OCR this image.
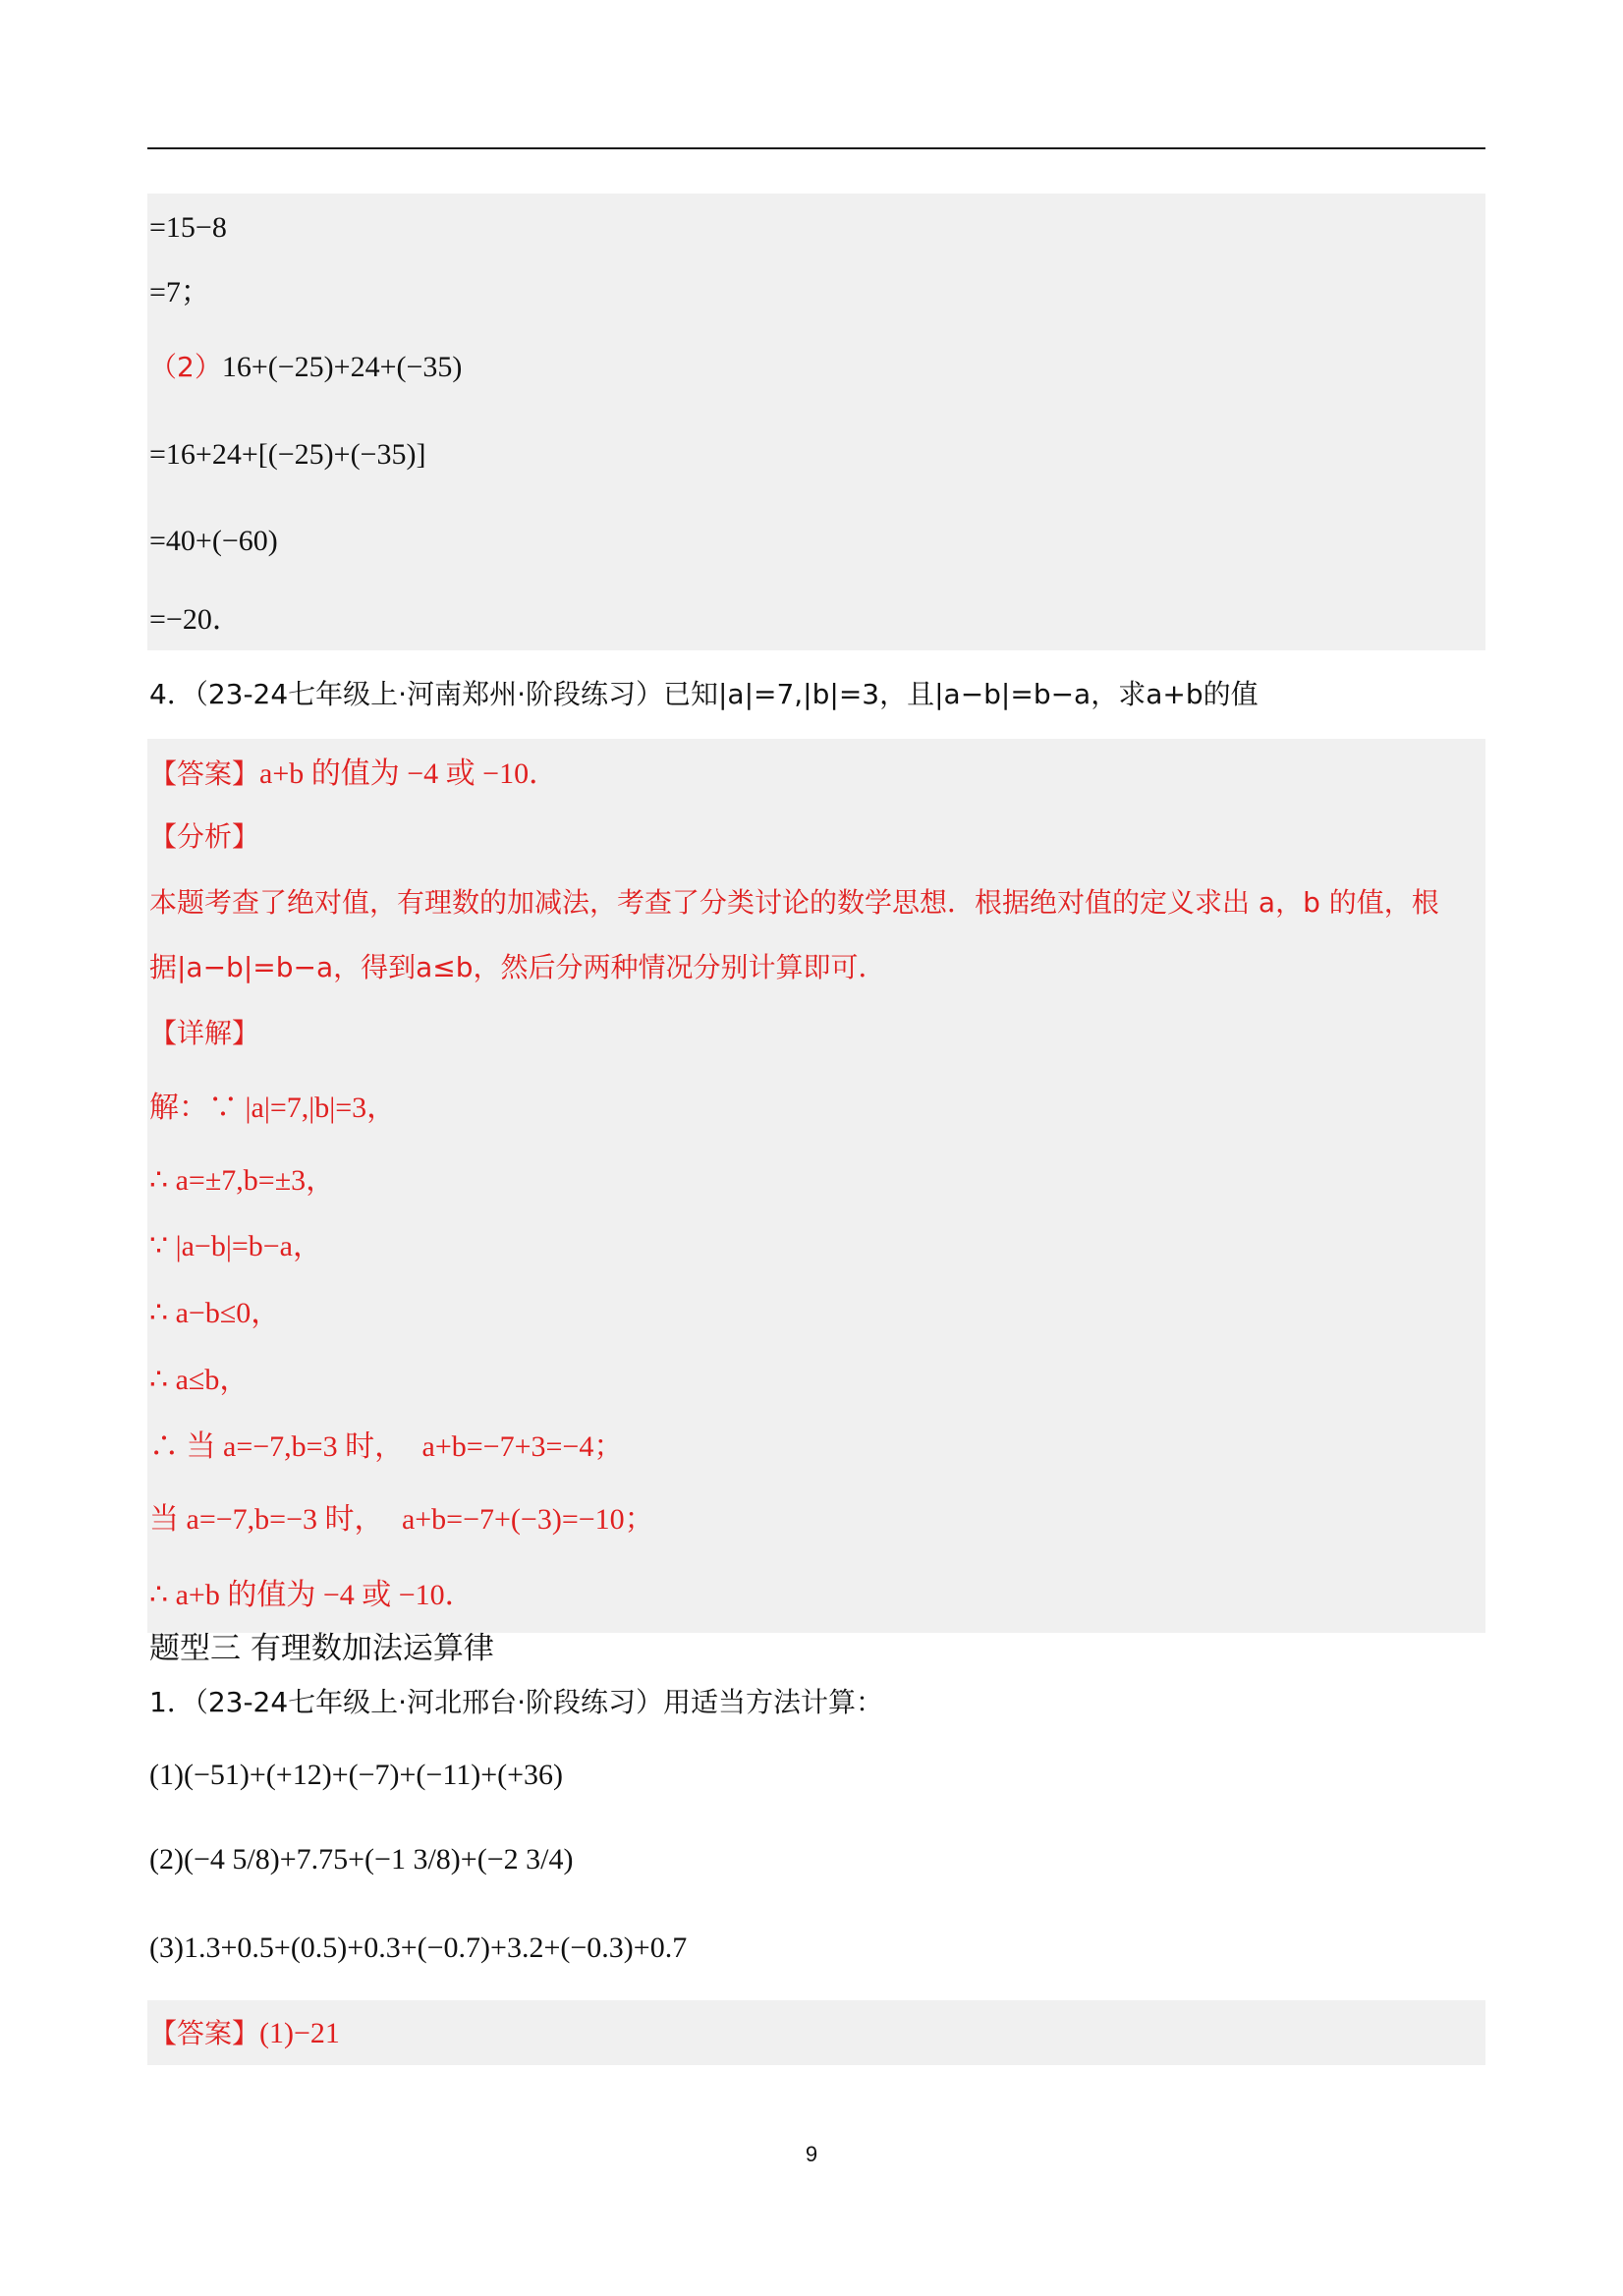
=15−8
=7；
（2）16+(−25)+24+(−35)
=16+24+[(−25)+(−35)]
=40+(−60)
=−20．
4．（23-24七年级上·河南郑州·阶段练习）已知|a|=7,|b|=3，且|a−b|=b−a，求a+b的值
【答案】a+b 的值为 −4 或 −10．
【分析】
本题考查了绝对值，有理数的加减法，考查了分类讨论的数学思想．根据绝对值的定义求出 a，b 的值，根
据|a−b|=b−a，得到a≤b，然后分两种情况分别计算即可．
【详解】
解：∵ |a|=7,|b|=3，
∴ a=±7,b=±3，
∵ |a−b|=b−a，
∴ a−b≤0，
∴ a≤b，
∴ 当 a=−7,b=3 时， a+b=−7+3=−4；
当 a=−7,b=−3 时， a+b=−7+(−3)=−10；
∴ a+b 的值为 −4 或 −10．
题型三 有理数加法运算律
1．（23-24七年级上·河北邢台·阶段练习）用适当方法计算：
(1)(−51)+(+12)+(−7)+(−11)+(+36)
(2)(−4 5/8)+7.75+(−1 3/8)+(−2 3/4)
(3)1.3+0.5+(0.5)+0.3+(−0.7)+3.2+(−0.3)+0.7
【答案】(1)−21
9
